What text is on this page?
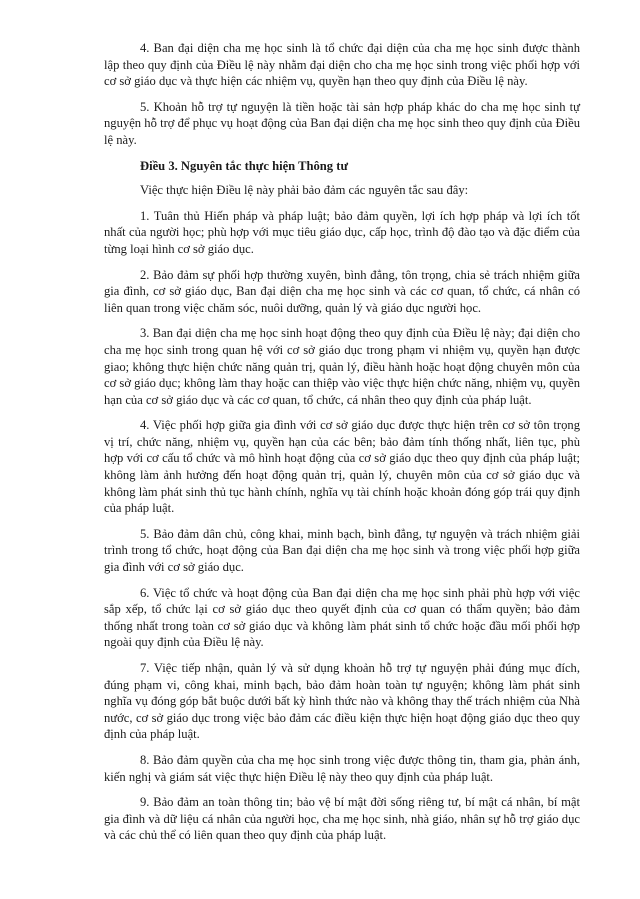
4. Ban đại diện cha mẹ học sinh là tổ chức đại diện của cha mẹ học sinh được thành lập theo quy định của Điều lệ này nhằm đại diện cho cha mẹ học sinh trong việc phối hợp với cơ sở giáo dục và thực hiện các nhiệm vụ, quyền hạn theo quy định của Điều lệ này.

5. Khoản hỗ trợ tự nguyện là tiền hoặc tài sản hợp pháp khác do cha mẹ học sinh tự nguyện hỗ trợ để phục vụ hoạt động của Ban đại diện cha mẹ học sinh theo quy định của Điều lệ này.

Điều 3. Nguyên tắc thực hiện Thông tư

Việc thực hiện Điều lệ này phải bảo đảm các nguyên tắc sau đây:

1. Tuân thủ Hiến pháp và pháp luật; bảo đảm quyền, lợi ích hợp pháp và lợi ích tốt nhất của người học; phù hợp với mục tiêu giáo dục, cấp học, trình độ đào tạo và đặc điểm của từng loại hình cơ sở giáo dục.

2. Bảo đảm sự phối hợp thường xuyên, bình đẳng, tôn trọng, chia sẻ trách nhiệm giữa gia đình, cơ sở giáo dục, Ban đại diện cha mẹ học sinh và các cơ quan, tổ chức, cá nhân có liên quan trong việc chăm sóc, nuôi dưỡng, quản lý và giáo dục người học.

3. Ban đại diện cha mẹ học sinh hoạt động theo quy định của Điều lệ này; đại diện cho cha mẹ học sinh trong quan hệ với cơ sở giáo dục trong phạm vi nhiệm vụ, quyền hạn được giao; không thực hiện chức năng quản trị, quản lý, điều hành hoặc hoạt động chuyên môn của cơ sở giáo dục; không làm thay hoặc can thiệp vào việc thực hiện chức năng, nhiệm vụ, quyền hạn của cơ sở giáo dục và các cơ quan, tổ chức, cá nhân theo quy định của pháp luật.

4. Việc phối hợp giữa gia đình với cơ sở giáo dục được thực hiện trên cơ sở tôn trọng vị trí, chức năng, nhiệm vụ, quyền hạn của các bên; bảo đảm tính thống nhất, liên tục, phù hợp với cơ cấu tổ chức và mô hình hoạt động của cơ sở giáo dục theo quy định của pháp luật; không làm ảnh hưởng đến hoạt động quản trị, quản lý, chuyên môn của cơ sở giáo dục và không làm phát sinh thủ tục hành chính, nghĩa vụ tài chính hoặc khoản đóng góp trái quy định của pháp luật.

5. Bảo đảm dân chủ, công khai, minh bạch, bình đẳng, tự nguyện và trách nhiệm giải trình trong tổ chức, hoạt động của Ban đại diện cha mẹ học sinh và trong việc phối hợp giữa gia đình với cơ sở giáo dục.

6. Việc tổ chức và hoạt động của Ban đại diện cha mẹ học sinh phải phù hợp với việc sắp xếp, tổ chức lại cơ sở giáo dục theo quyết định của cơ quan có thẩm quyền; bảo đảm thống nhất trong toàn cơ sở giáo dục và không làm phát sinh tổ chức hoặc đầu mối phối hợp ngoài quy định của Điều lệ này.

7. Việc tiếp nhận, quản lý và sử dụng khoản hỗ trợ tự nguyện phải đúng mục đích, đúng phạm vi, công khai, minh bạch, bảo đảm hoàn toàn tự nguyện; không làm phát sinh nghĩa vụ đóng góp bắt buộc dưới bất kỳ hình thức nào và không thay thế trách nhiệm của Nhà nước, cơ sở giáo dục trong việc bảo đảm các điều kiện thực hiện hoạt động giáo dục theo quy định của pháp luật.

8. Bảo đảm quyền của cha mẹ học sinh trong việc được thông tin, tham gia, phản ánh, kiến nghị và giám sát việc thực hiện Điều lệ này theo quy định của pháp luật.

9. Bảo đảm an toàn thông tin; bảo vệ bí mật đời sống riêng tư, bí mật cá nhân, bí mật gia đình và dữ liệu cá nhân của người học, cha mẹ học sinh, nhà giáo, nhân sự hỗ trợ giáo dục và các chủ thể có liên quan theo quy định của pháp luật.
